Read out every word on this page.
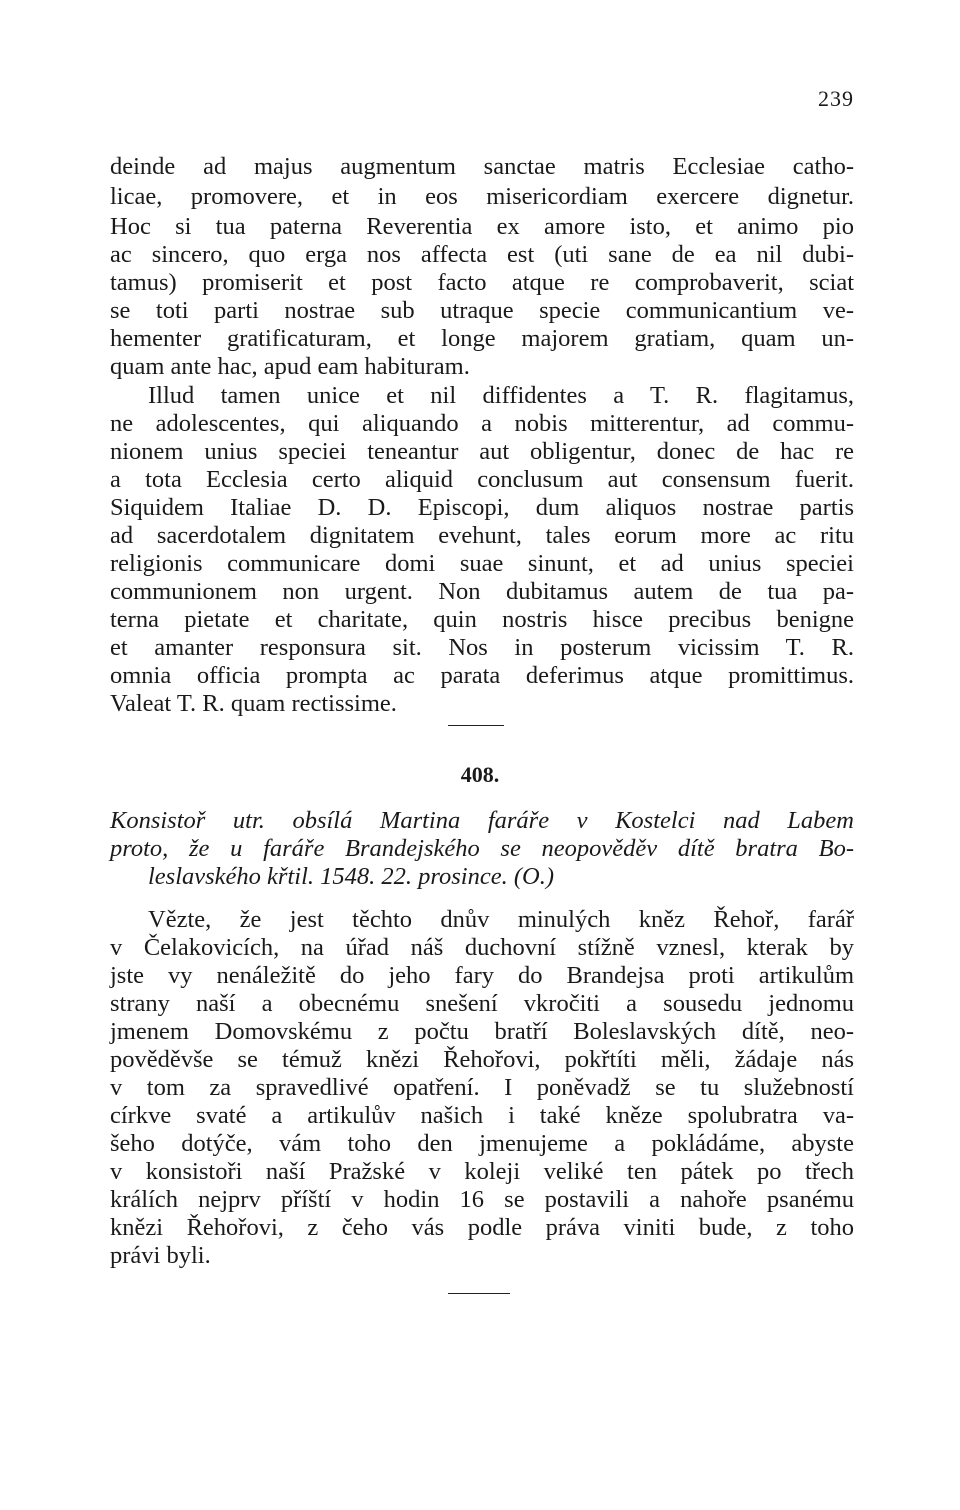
239
deinde ad majus augmentum sanctae matris Ecclesiae catho-
licae, promovere, et in eos misericordiam exercere dignetur.
Hoc si tua paterna Reverentia ex amore isto, et animo pio
ac sincero, quo erga nos affecta est (uti sane de ea nil dubi-
tamus) promiserit et post facto atque re comprobaverit, sciat
se toti parti nostrae sub utraque specie communicantium ve-
hementer gratificaturam, et longe majorem gratiam, quam un-
quam ante hac, apud eam habituram.
Illud tamen unice et nil diffidentes a T. R. flagitamus,
ne adolescentes, qui aliquando a nobis mitterentur, ad commu-
nionem unius speciei teneantur aut obligentur, donec de hac re
a tota Ecclesia certo aliquid conclusum aut consensum fuerit.
Siquidem Italiae D. D. Episcopi, dum aliquos nostrae partis
ad sacerdotalem dignitatem evehunt, tales eorum more ac ritu
religionis communicare domi suae sinunt, et ad unius speciei
communionem non urgent. Non dubitamus autem de tua pa-
terna pietate et charitate, quin nostris hisce precibus benigne
et amanter responsura sit. Nos in posterum vicissim T. R.
omnia officia prompta ac parata deferimus atque promittimus.
Valeat T. R. quam rectissime.
408.
Konsistoř utr. obsílá Martina faráře v Kostelci nad Labem
proto, že u faráře Brandejského se neopověděv dítě bratra Bo-
leslavského křtil. 1548. 22. prosince. (O.)
Vězte, že jest těchto dnův minulých kněz Řehoř, farář
v Čelakovicích, na úřad náš duchovní stížně vznesl, kterak by
jste vy nenáležitě do jeho fary do Brandejsa proti artikulům
strany naší a obecnému snešení vkročiti a sousedu jednomu
jmenem Domovskému z počtu bratří Boleslavských dítě, neo-
pověděvše se témuž knězi Řehořovi, pokřtíti měli, žádaje nás
v tom za spravedlivé opatření. I poněvadž se tu služebností
církve svaté a artikulův našich i také kněze spolubratra va-
šeho dotýče, vám toho den jmenujeme a pokládáme, abyste
v konsistoři naší Pražské v koleji veliké ten pátek po třech
králích nejprv příští v hodin 16 se postavili a nahoře psanému
knězi Řehořovi, z čeho vás podle práva viniti bude, z toho
právi byli.
